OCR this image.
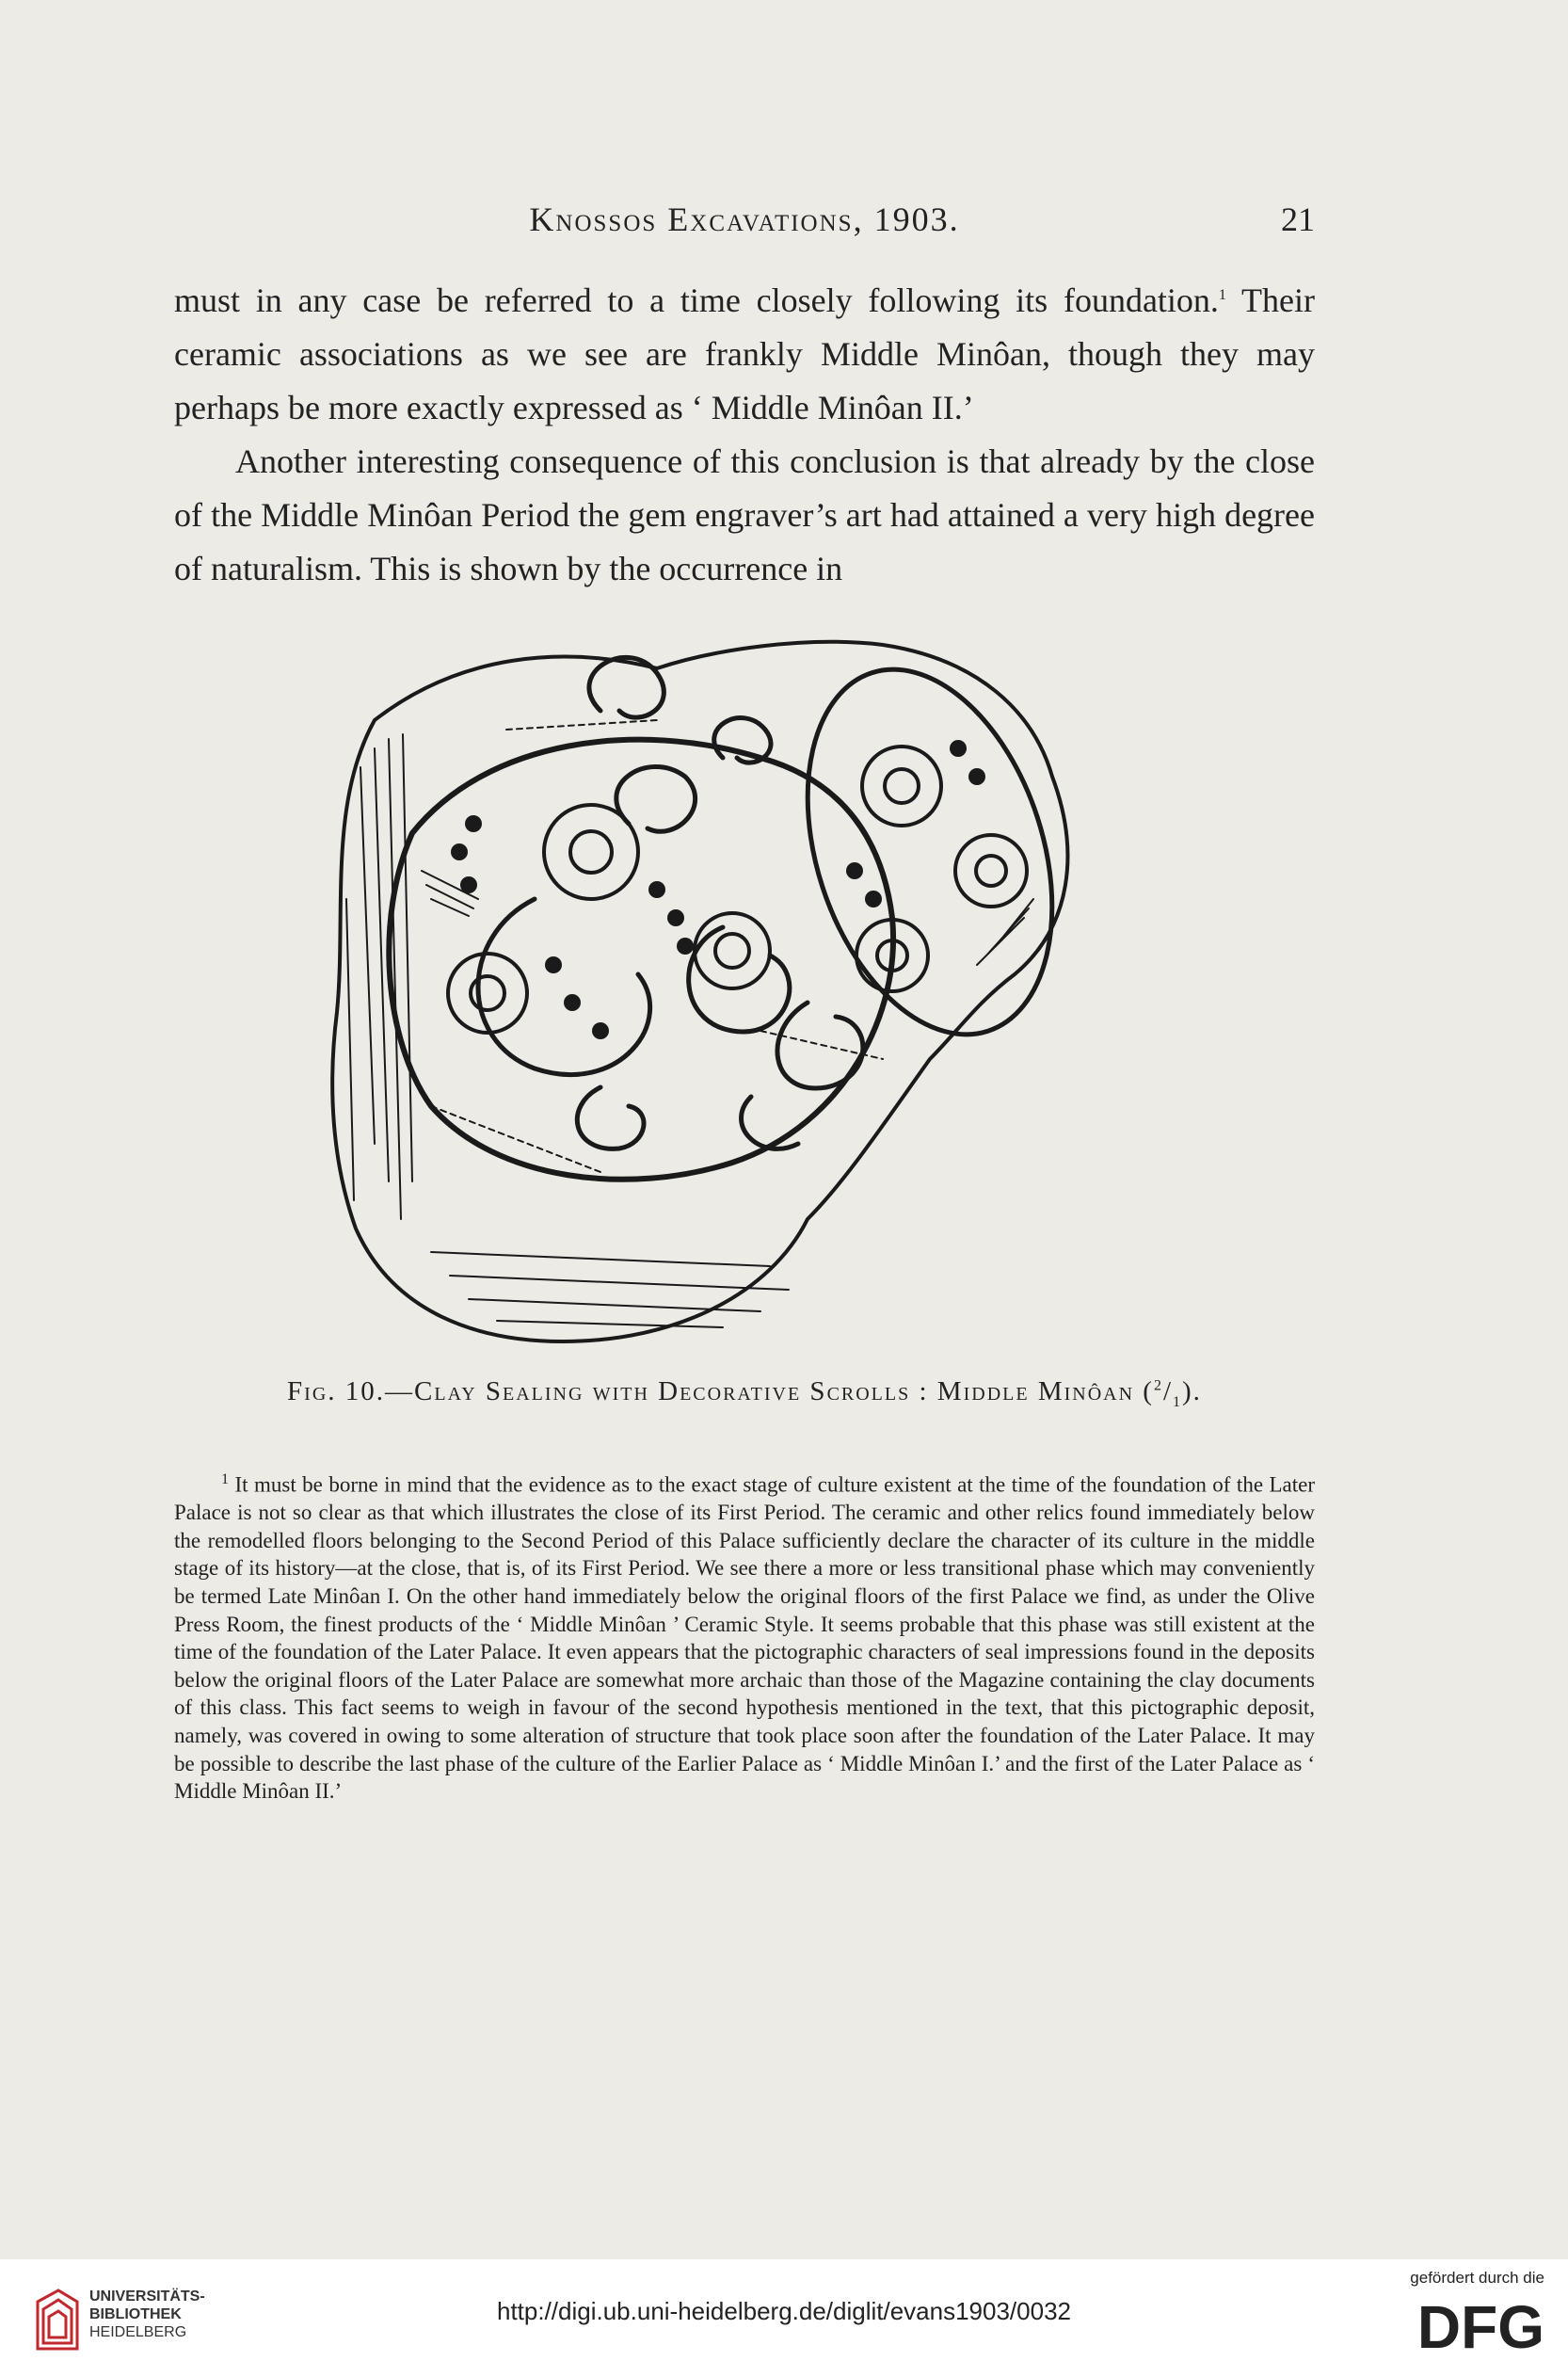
Knossos Excavations, 1903.	21

must in any case be referred to a time closely following its foundation.$^1$ Their ceramic associations as we see are frankly Middle Minôan, though they may perhaps be more exactly expressed as ‘ Middle Minôan II.’

Another interesting consequence of this conclusion is that already by the close of the Middle Minôan Period the gem engraver’s art had attained a very high degree of naturalism. This is shown by the occurrence in

Fig. 10.—Clay Sealing with Decorative Scrolls : Middle Minôan $(^2/_1)$.

$^1$ It must be borne in mind that the evidence as to the exact stage of culture existent at the time of the foundation of the Later Palace is not so clear as that which illustrates the close of its First Period. The ceramic and other relics found immediately below the remodelled floors belonging to the Second Period of this Palace sufficiently declare the character of its culture in the middle stage of its history—at the close, that is, of its First Period. We see there a more or less transitional phase which may conveniently be termed Late Minôan I. On the other hand immediately below the original floors of the first Palace we find, as under the Olive Press Room, the finest products of the ‘ Middle Minôan ’ Ceramic Style. It seems probable that this phase was still existent at the time of the foundation of the Later Palace. It even appears that the pictographic characters of seal impressions found in the deposits below the original floors of the Later Palace are somewhat more archaic than those of the Magazine containing the clay documents of this class. This fact seems to weigh in favour of the second hypothesis mentioned in the text, that this pictographic deposit, namely, was covered in owing to some alteration of structure that took place soon after the foundation of the Later Palace. It may be possible to describe the last phase of the culture of the Earlier Palace as ‘ Middle Minôan I.’ and the first of the Later Palace as ‘ Middle Minôan II.’

UNIVERSITÄTS-
BIBLIOTHEK
HEIDELBERG
http://digi.ub.uni-heidelberg.de/diglit/evans1903/0032
gefördert durch die
DFG
